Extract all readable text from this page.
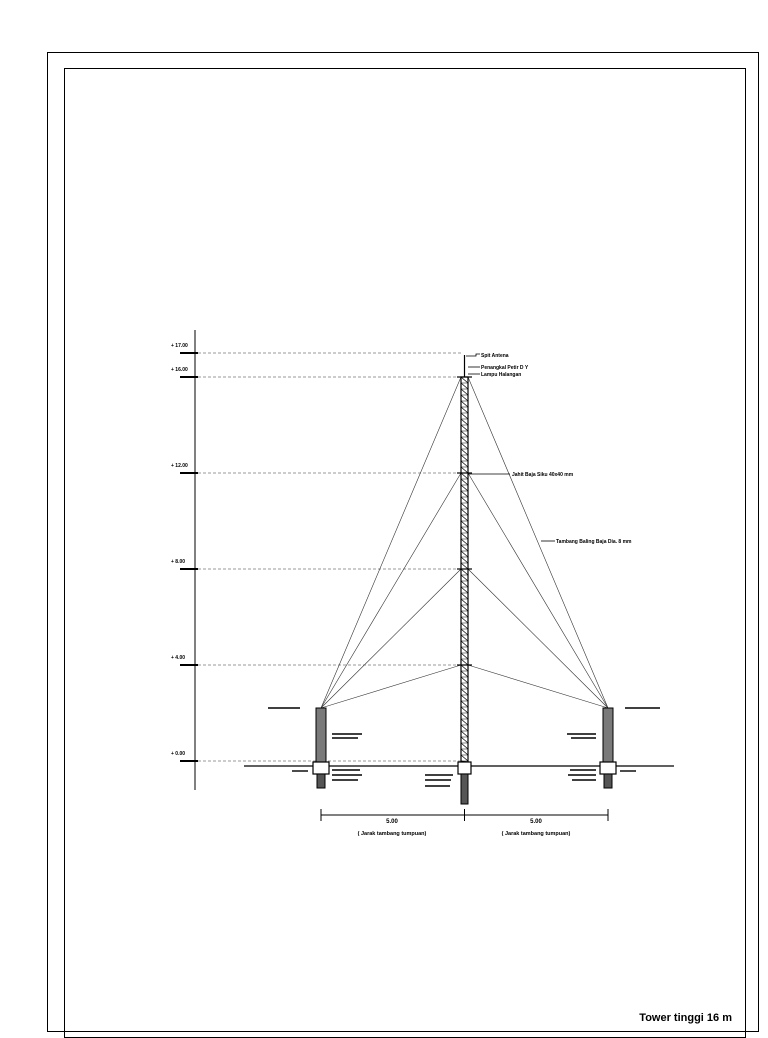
+ 17.00
+ 16.00
+ 12.00
+ 8.00
+ 4.00
+ 0.00
Spit Antena
Penangkal Petir D Y
Lampu Halangan
Jahit Baja Siku 40x40 mm
Tambang Baling Baja Dia. 8 mm
5.00
( Jarak tambang tumpuan)
5.00
( Jarak tambang tumpuan)
Tower tinggi 16 m
